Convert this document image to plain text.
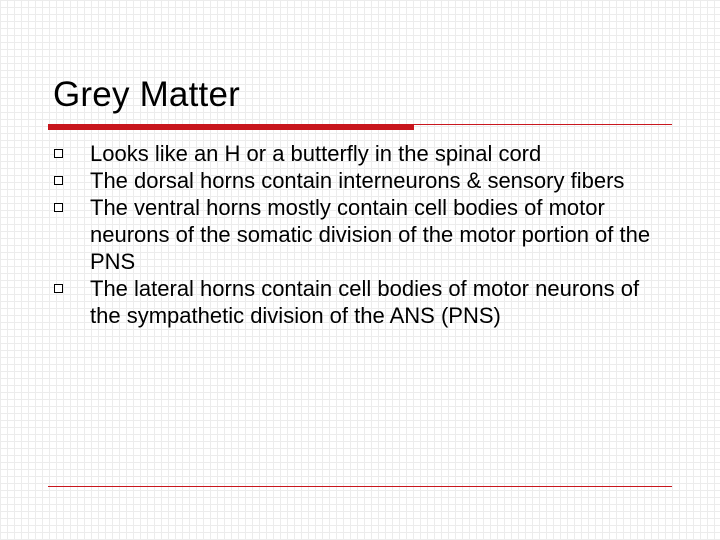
Grey Matter
Looks like an H or a butterfly in the spinal cord
The dorsal horns contain interneurons & sensory fibers
The ventral horns mostly contain cell bodies of motor neurons of the somatic division of the motor portion of the PNS
The lateral horns contain cell bodies of motor neurons of the sympathetic division of the ANS (PNS)
